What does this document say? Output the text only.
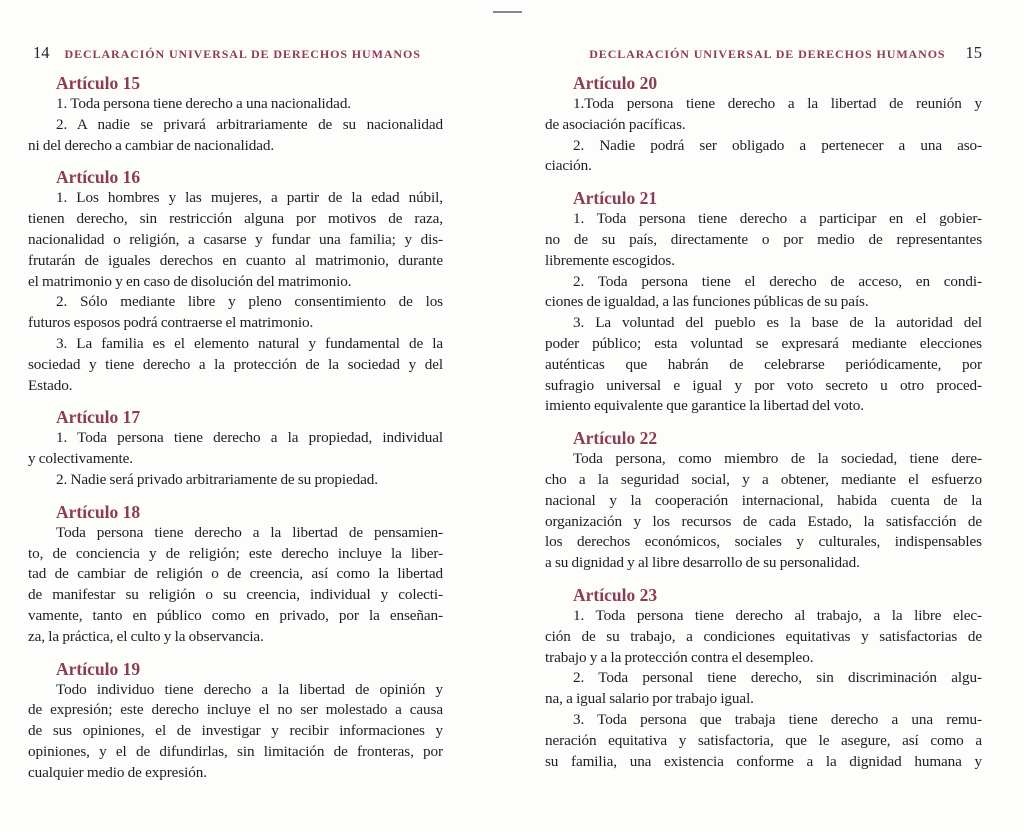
14 DECLARACIÓN UNIVERSAL DE DERECHOS HUMANOS
Artículo 15
1. Toda persona tiene derecho a una nacionalidad.
2. A nadie se privará arbitrariamente de su nacionalidad
ni del derecho a cambiar de nacionalidad.
Artículo 16
1. Los hombres y las mujeres, a partir de la edad núbil,
tienen derecho, sin restricción alguna por motivos de raza,
nacionalidad o religión, a casarse y fundar una familia; y dis-
frutarán de iguales derechos en cuanto al matrimonio, durante
el matrimonio y en caso de disolución del matrimonio.
2. Sólo mediante libre y pleno consentimiento de los
futuros esposos podrá contraerse el matrimonio.
3. La familia es el elemento natural y fundamental de la
sociedad y tiene derecho a la protección de la sociedad y del
Estado.
Artículo 17
1. Toda persona tiene derecho a la propiedad, individual
y colectivamente.
2. Nadie será privado arbitrariamente de su propiedad.
Artículo 18
Toda persona tiene derecho a la libertad de pensamien-
to, de conciencia y de religión; este derecho incluye la liber-
tad de cambiar de religión o de creencia, así como la libertad
de manifestar su religión o su creencia, individual y colecti-
vamente, tanto en público como en privado, por la enseñan-
za, la práctica, el culto y la observancia.
Artículo 19
Todo individuo tiene derecho a la libertad de opinión y
de expresión; este derecho incluye el no ser molestado a causa
de sus opiniones, el de investigar y recibir informaciones y
opiniones, y el de difundirlas, sin limitación de fronteras, por
cualquier medio de expresión.
DECLARACIÓN UNIVERSAL DE DERECHOS HUMANOS 15
Artículo 20
1.Toda persona tiene derecho a la libertad de reunión y
de asociación pacíficas.
2. Nadie podrá ser obligado a pertenecer a una aso-
ciación.
Artículo 21
1. Toda persona tiene derecho a participar en el gobier-
no de su país, directamente o por medio de representantes
libremente escogidos.
2. Toda persona tiene el derecho de acceso, en condi-
ciones de igualdad, a las funciones públicas de su país.
3. La voluntad del pueblo es la base de la autoridad del
poder público; esta voluntad se expresará mediante elecciones
auténticas que habrán de celebrarse periódicamente, por
sufragio universal e igual y por voto secreto u otro proced-
imiento equivalente que garantice la libertad del voto.
Artículo 22
Toda persona, como miembro de la sociedad, tiene dere-
cho a la seguridad social, y a obtener, mediante el esfuerzo
nacional y la cooperación internacional, habida cuenta de la
organización y los recursos de cada Estado, la satisfacción de
los derechos económicos, sociales y culturales, indispensables
a su dignidad y al libre desarrollo de su personalidad.
Artículo 23
1. Toda persona tiene derecho al trabajo, a la libre elec-
ción de su trabajo, a condiciones equitativas y satisfactorias de
trabajo y a la protección contra el desempleo.
2. Toda personal tiene derecho, sin discriminación algu-
na, a igual salario por trabajo igual.
3. Toda persona que trabaja tiene derecho a una remu-
neración equitativa y satisfactoria, que le asegure, así como a
su familia, una existencia conforme a la dignidad humana y
